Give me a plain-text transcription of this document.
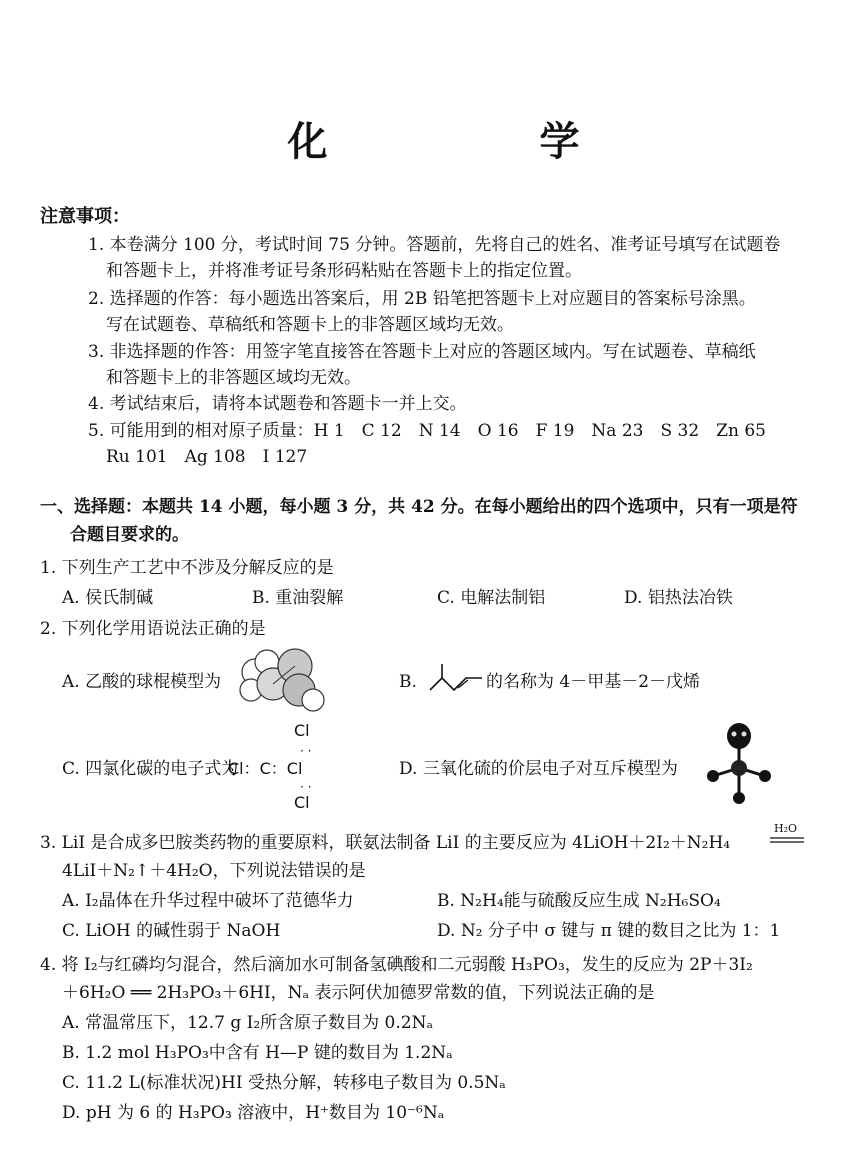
化　学
注意事项：
1. 本卷满分 100 分，考试时间 75 分钟。答题前，先将自己的姓名、准考证号填写在试题卷
和答题卡上，并将准考证号条形码粘贴在答题卡上的指定位置。
2. 选择题的作答：每小题选出答案后，用 2B 铅笔把答题卡上对应题目的答案标号涂黑。
写在试题卷、草稿纸和答题卡上的非答题区域均无效。
3. 非选择题的作答：用签字笔直接答在答题卡上对应的答题区域内。写在试题卷、草稿纸
和答题卡上的非答题区域均无效。
4. 考试结束后，请将本试题卷和答题卡一并上交。
5. 可能用到的相对原子质量：H 1　C 12　N 14　O 16　F 19　Na 23　S 32　Zn 65
Ru 101　Ag 108　I 127
一、选择题：本题共 14 小题，每小题 3 分，共 42 分。在每小题给出的四个选项中，只有一项是符
合题目要求的。
1. 下列生产工艺中不涉及分解反应的是
A. 侯氏制碱	B. 重油裂解	C. 电解法制铝	D. 铝热法冶铁
2. 下列化学用语说法正确的是
A. 乙酸的球棍模型为	B.	的名称为 4－甲基－2－戊烯
C. 四氯化碳的电子式为
Cl
· ·
Cl：C：Cl
· ·
Cl
D. 三氧化硫的价层电子对互斥模型为
3. LiI 是合成多巴胺类药物的重要原料，联氨法制备 LiI 的主要反应为 4LiOH＋2I₂＋N₂H₄
H₂O
4LiI＋N₂↑＋4H₂O，下列说法错误的是
A. I₂晶体在升华过程中破坏了范德华力	B. N₂H₄能与硫酸反应生成 N₂H₆SO₄
C. LiOH 的碱性弱于 NaOH	D. N₂ 分子中 σ 键与 π 键的数目之比为 1：1
4. 将 I₂与红磷均匀混合，然后滴加水可制备氢碘酸和二元弱酸 H₃PO₃，发生的反应为 2P＋3I₂
＋6H₂O ══ 2H₃PO₃＋6HI，Nₐ 表示阿伏加德罗常数的值，下列说法正确的是
A. 常温常压下，12.7 g I₂所含原子数目为 0.2Nₐ
B. 1.2 mol H₃PO₃中含有 H—P 键的数目为 1.2Nₐ
C. 11.2 L(标准状况)HI 受热分解，转移电子数目为 0.5Nₐ
D. pH 为 6 的 H₃PO₃ 溶液中，H⁺数目为 10⁻⁶Nₐ
